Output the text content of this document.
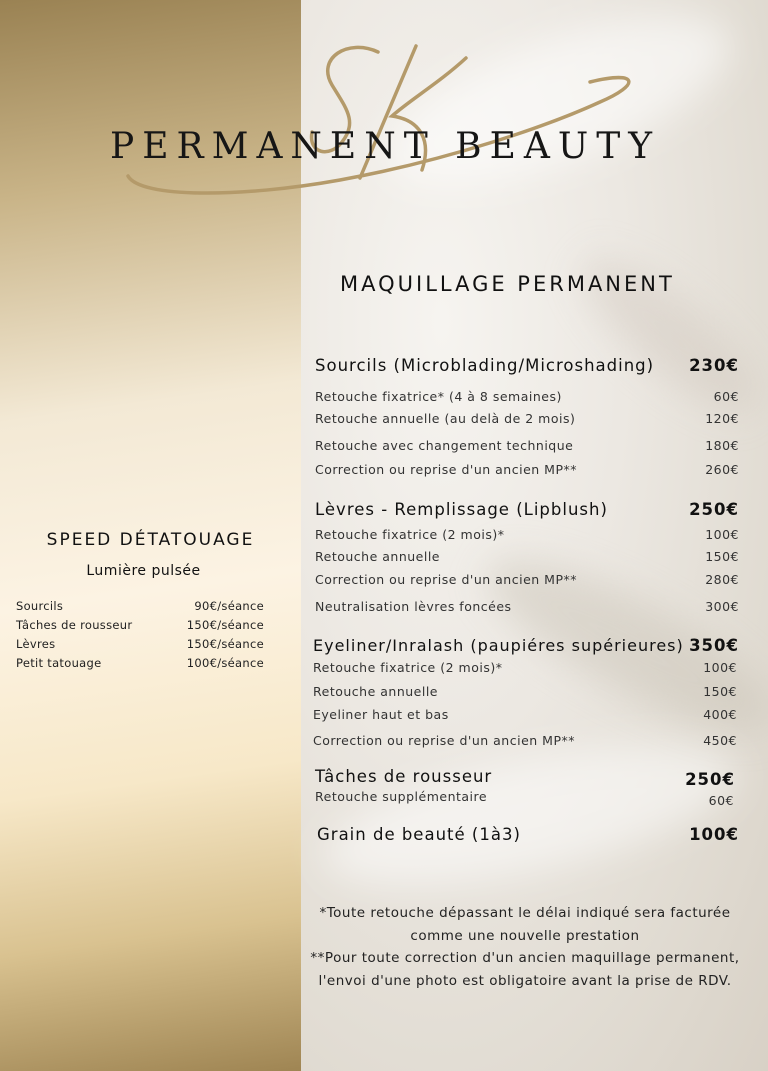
PERMANENT BEAUTY
MAQUILLAGE PERMANENT
Sourcils (Microblading/Microshading) 230€
Retouche fixatrice* (4 à 8 semaines)	60€
Retouche annuelle (au delà de 2 mois)	120€
Retouche avec changement technique	180€
Correction ou reprise d'un ancien MP**	260€
Lèvres - Remplissage (Lipblush)	250€
Retouche fixatrice (2 mois)*	100€
Retouche annuelle	150€
Correction ou reprise d'un ancien MP**	280€
Neutralisation lèvres foncées	300€
Eyeliner/Inralash (paupiéres supérieures) 350€
Retouche fixatrice (2 mois)*	100€
Retouche annuelle	150€
Eyeliner haut et bas	400€
Correction ou reprise d'un ancien MP**	450€
Tâches de rousseur	250€
Retouche supplémentaire	60€
Grain de beauté (1à3)	100€
SPEED DÉTATOUAGE
Lumière pulsée
Sourcils	90€/séance
Tâches de rousseur	150€/séance
Lèvres	150€/séance
Petit tatouage	100€/séance
*Toute retouche dépassant le délai indiqué sera facturée
comme une nouvelle prestation
**Pour toute correction d'un ancien maquillage permanent,
l'envoi d'une photo est obligatoire avant la prise de RDV.
